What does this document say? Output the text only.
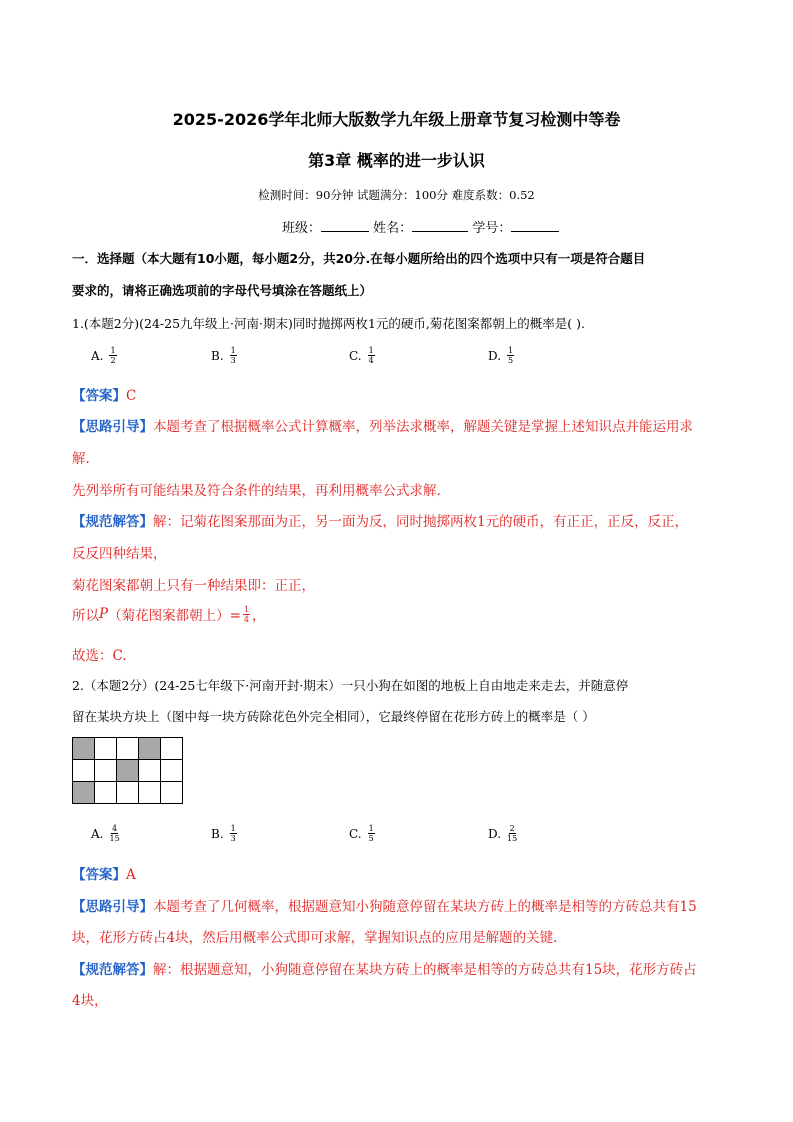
2025-2026学年北师大版数学九年级上册章节复习检测中等卷
第3章 概率的进一步认识
检测时间：90分钟 试题满分：100分 难度系数：0.52
班级：	姓名：	学号：
一．选择题（本大题有10小题，每小题2分，共20分.在每小题所给出的四个选项中只有一项是符合题目
要求的，请将正确选项前的字母代号填涂在答题纸上）
1.(本题2分)(24-25九年级上·河南·期末)同时抛掷两枚1元的硬币,菊花图案都朝上的概率是( ).
A. $\frac{1}{2}$	B. $\frac{1}{3}$	C. $\frac{1}{4}$	D. $\frac{1}{5}$
【答案】C
【思路引导】本题考查了根据概率公式计算概率，列举法求概率，解题关键是掌握上述知识点并能运用求
解.
先列举所有可能结果及符合条件的结果，再利用概率公式求解.
【规范解答】解：记菊花图案那面为正，另一面为反，同时抛掷两枚1元的硬币，有正正，正反，反正，
反反四种结果，
菊花图案都朝上只有一种结果即：正正，
所以 P （菊花图案都朝上）= $\frac{1}{4}$ ，
故选：C.
2.（本题2分）(24-25七年级下·河南开封·期末）一只小狗在如图的地板上自由地走来走去，并随意停
留在某块方块上（图中每一块方砖除花色外完全相同），它最终停留在花形方砖上的概率是（ ）

A. $\frac{4}{15}$	B. $\frac{1}{3}$	C. $\frac{1}{5}$	D. $\frac{2}{15}$
【答案】A
【思路引导】本题考查了几何概率，根据题意知小狗随意停留在某块方砖上的概率是相等的方砖总共有15
块，花形方砖占4块，然后用概率公式即可求解，掌握知识点的应用是解题的关键.
【规范解答】解：根据题意知，小狗随意停留在某块方砖上的概率是相等的方砖总共有15块，花形方砖占
4块，
